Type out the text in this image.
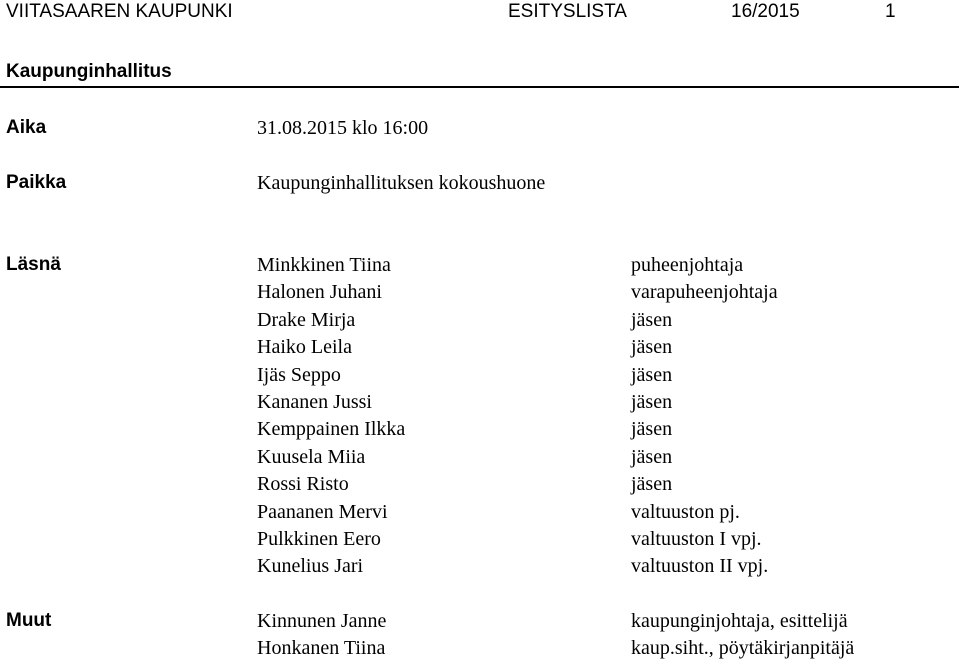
VIITASAAREN KAUPUNKI	ESITYSLISTA	16/2015	1
Kaupunginhallitus
Aika	31.08.2015 klo 16:00
Paikka	Kaupunginhallituksen kokoushuone
Läsnä	Minkkinen Tiina	puheenjohtaja
Halonen Juhani	varapuheenjohtaja
Drake Mirja	jäsen
Haiko Leila	jäsen
Ijäs Seppo	jäsen
Kananen Jussi	jäsen
Kemppainen Ilkka	jäsen
Kuusela Miia	jäsen
Rossi Risto	jäsen
Paananen Mervi	valtuuston pj.
Pulkkinen Eero	valtuuston I vpj.
Kunelius Jari	valtuuston II vpj.
Muut	Kinnunen Janne	kaupunginjohtaja, esittelijä
Honkanen Tiina	kaup.siht., pöytäkirjanpitäjä
